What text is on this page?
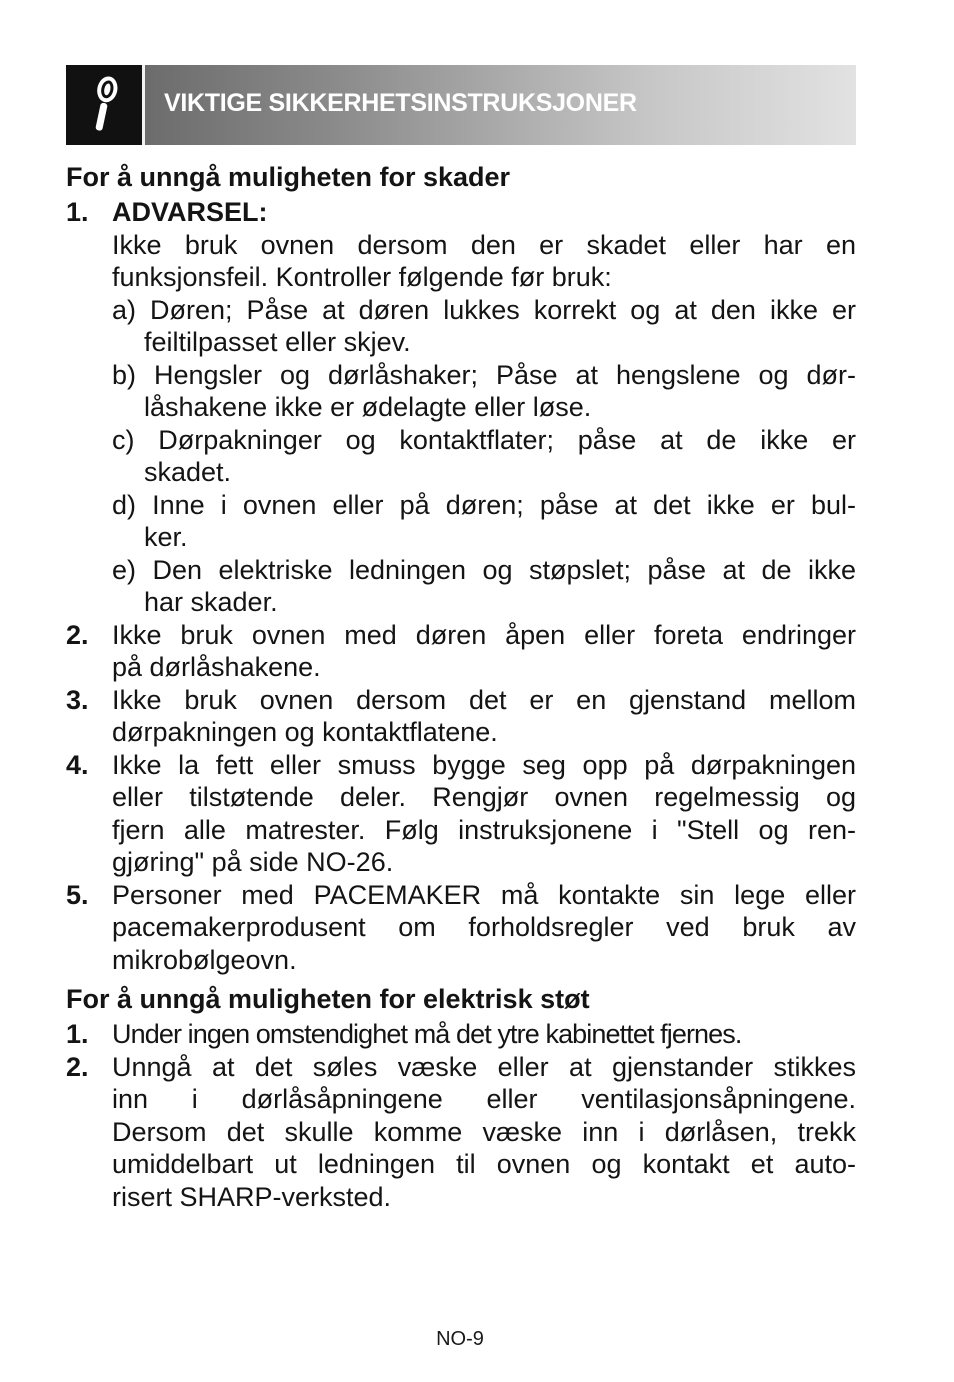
VIKTIGE SIKKERHETSINSTRUKSJONER
For å unngå muligheten for skader
1. ADVARSEL:
Ikke bruk ovnen dersom den er skadet eller har en
funksjonsfeil. Kontroller følgende før bruk:
a) Døren; Påse at døren lukkes korrekt og at den ikke er
feiltilpasset eller skjev.
b) Hengsler og dørlåshaker; Påse at hengslene og dør-
låshakene ikke er ødelagte eller løse.
c) Dørpakninger og kontaktflater; påse at de ikke er
skadet.
d) Inne i ovnen eller på døren; påse at det ikke er bul-
ker.
e) Den elektriske ledningen og støpslet; påse at de ikke
har skader.
2. Ikke bruk ovnen med døren åpen eller foreta endringer
på dørlåshakene.
3. Ikke bruk ovnen dersom det er en gjenstand mellom
dørpakningen og kontaktflatene.
4. Ikke la fett eller smuss bygge seg opp på dørpakningen
eller tilstøtende deler. Rengjør ovnen regelmessig og
fjern alle matrester. Følg instruksjonene i "Stell og ren-
gjøring" på side NO-26.
5. Personer med PACEMAKER må kontakte sin lege eller
pacemakerprodusent om forholdsregler ved bruk av
mikrobølgeovn.
For å unngå muligheten for elektrisk støt
1. Under ingen omstendighet må det ytre kabinettet fjernes.
2. Unngå at det søles væske eller at gjenstander stikkes
inn i dørlåsåpningene eller ventilasjonsåpningene.
Dersom det skulle komme væske inn i dørlåsen, trekk
umiddelbart ut ledningen til ovnen og kontakt et auto-
risert SHARP-verksted.
NO-9
